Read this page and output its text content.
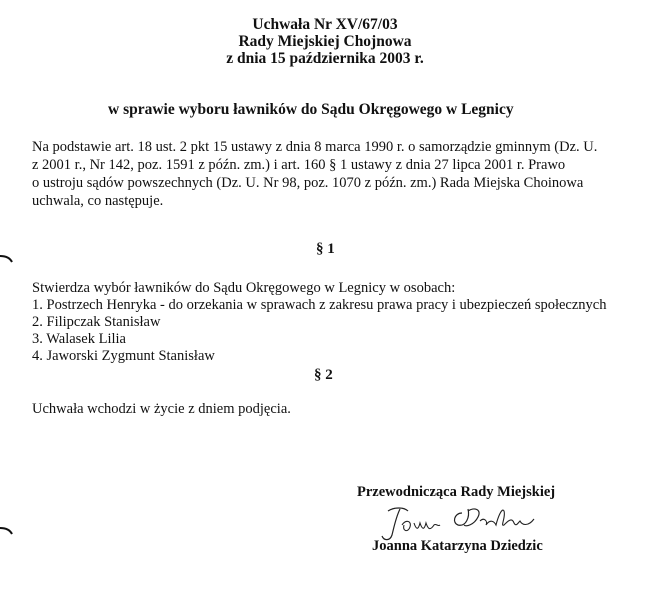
Uchwała Nr XV/67/03
Rady Miejskiej Chojnowa
z dnia 15 października 2003 r.
w sprawie wyboru ławników do Sądu Okręgowego w Legnicy
Na podstawie art. 18 ust. 2 pkt 15 ustawy z dnia 8 marca 1990 r. o samorządzie gminnym (Dz. U.
z 2001 r., Nr 142, poz. 1591 z późn. zm.) i art. 160 § 1 ustawy z dnia 27 lipca 2001 r. Prawo
o ustroju sądów powszechnych (Dz. U. Nr 98, poz. 1070 z późn. zm.) Rada Miejska Choinowa
uchwala, co następuje.
§ 1
Stwierdza wybór ławników do Sądu Okręgowego w Legnicy w osobach:
1. Postrzech Henryka - do orzekania w sprawach z zakresu prawa pracy i ubezpieczeń społecznych
2. Filipczak Stanisław
3. Walasek Lilia
4. Jaworski Zygmunt Stanisław
§ 2
Uchwała wchodzi w życie z dniem podjęcia.
Przewodnicząca Rady Miejskiej
Joanna Katarzyna Dziedzic
